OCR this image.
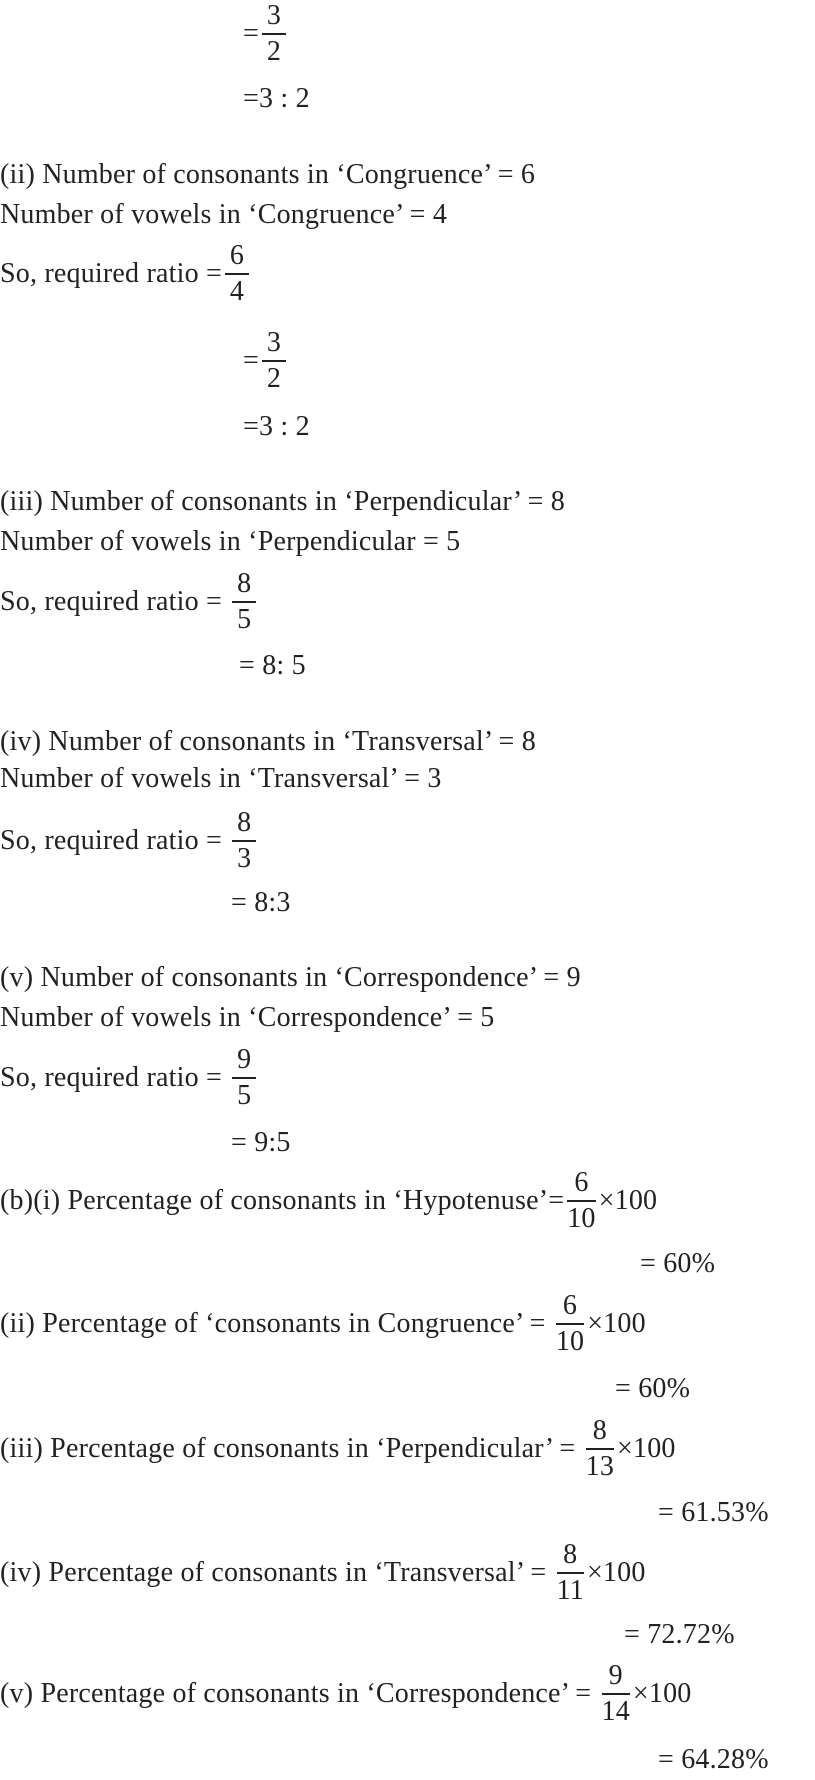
= $\frac{3}{2}$
=3 : 2
(ii) Number of consonants in ‘Congruence’ = 6
Number of vowels in ‘Congruence’ = 4
So, required ratio = $\frac{6}{4}$
= $\frac{3}{2}$
=3 : 2
(iii) Number of consonants in ‘Perpendicular’ = 8
Number of vowels in ‘Perpendicular = 5
So, required ratio = $\frac{8}{5}$
= 8: 5
(iv) Number of consonants in ‘Transversal’ = 8
Number of vowels in ‘Transversal’ = 3
So, required ratio = $\frac{8}{3}$
= 8:3
(v) Number of consonants in ‘Correspondence’ = 9
Number of vowels in ‘Correspondence’ = 5
So, required ratio = $\frac{9}{5}$
= 9:5
(b)(i) Percentage of consonants in ‘Hypotenuse’= $\frac{6}{10} \times 100$
= 60%
(ii) Percentage of ‘consonants in Congruence’ = $\frac{6}{10} \times 100$
= 60%
(iii) Percentage of consonants in ‘Perpendicular’ = $\frac{8}{13} \times 100$
= 61.53%
(iv) Percentage of consonants in ‘Transversal’ = $\frac{8}{11} \times 100$
= 72.72%
(v) Percentage of consonants in ‘Correspondence’ = $\frac{9}{14} \times 100$
= 64.28%
